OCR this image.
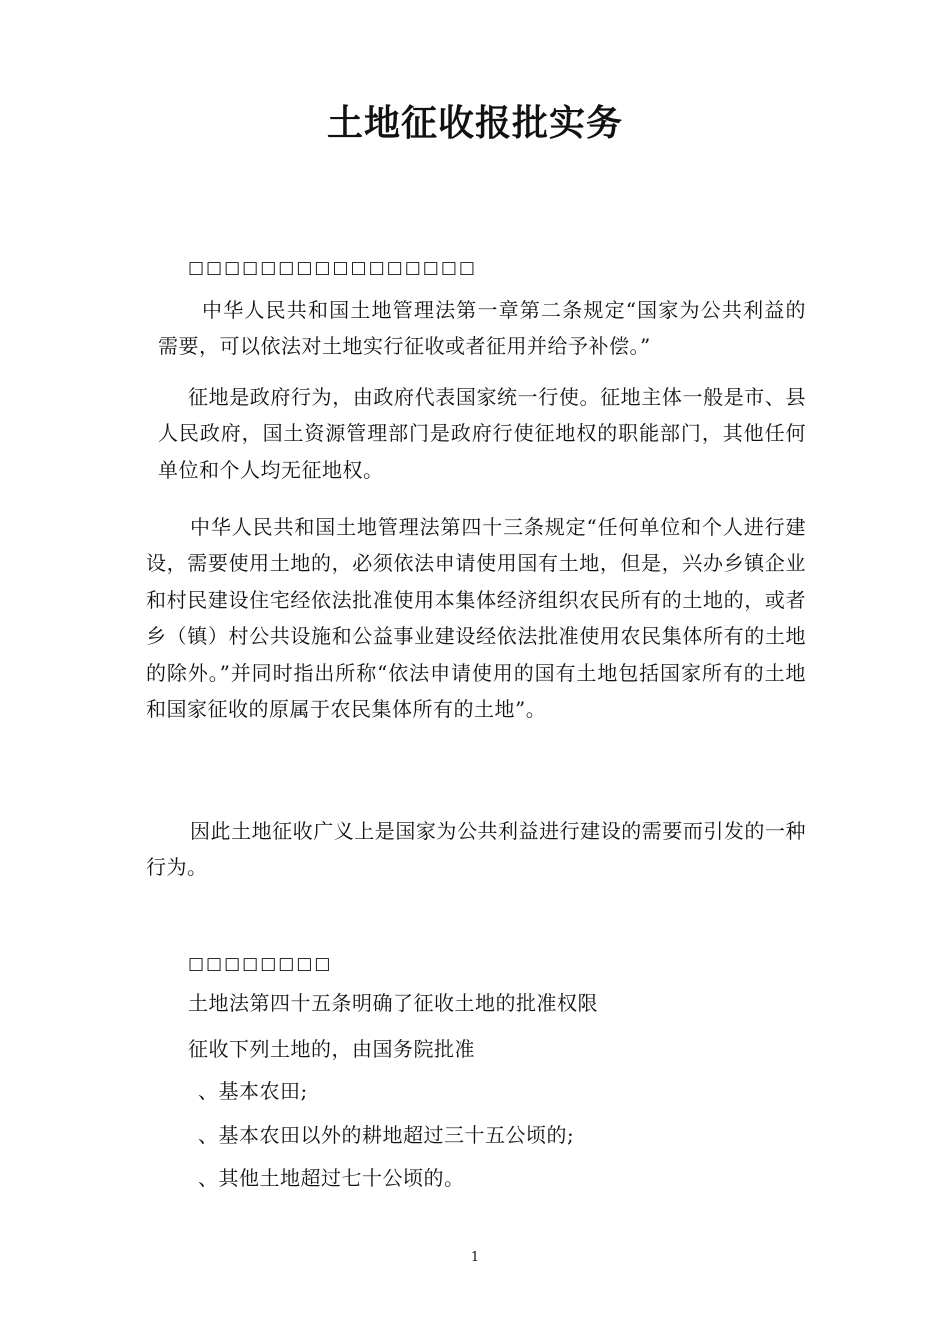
土地征收报批实务
□□□□□□□□□□□□□□□□

中华人民共和国土地管理法第一章第二条规定“国家为公共利益的需要，可以依法对土地实行征收或者征用并给予补偿。”

征地是政府行为，由政府代表国家统一行使。征地主体一般是市、县人民政府，国土资源管理部门是政府行使征地权的职能部门，其他任何单位和个人均无征地权。

中华人民共和国土地管理法第四十三条规定“任何单位和个人进行建设，需要使用土地的，必须依法申请使用国有土地，但是，兴办乡镇企业和村民建设住宅经依法批准使用本集体经济组织农民所有的土地的，或者乡（镇）村公共设施和公益事业建设经依法批准使用农民集体所有的土地的除外。”并同时指出所称“依法申请使用的国有土地包括国家所有的土地和国家征收的原属于农民集体所有的土地”。

因此土地征收广义上是国家为公共利益进行建设的需要而引发的一种行为。

□□□□□□□□
土地法第四十五条明确了征收土地的批准权限
征收下列土地的，由国务院批准
、基本农田;
、基本农田以外的耕地超过三十五公顷的;
、其他土地超过七十公顷的。
1
